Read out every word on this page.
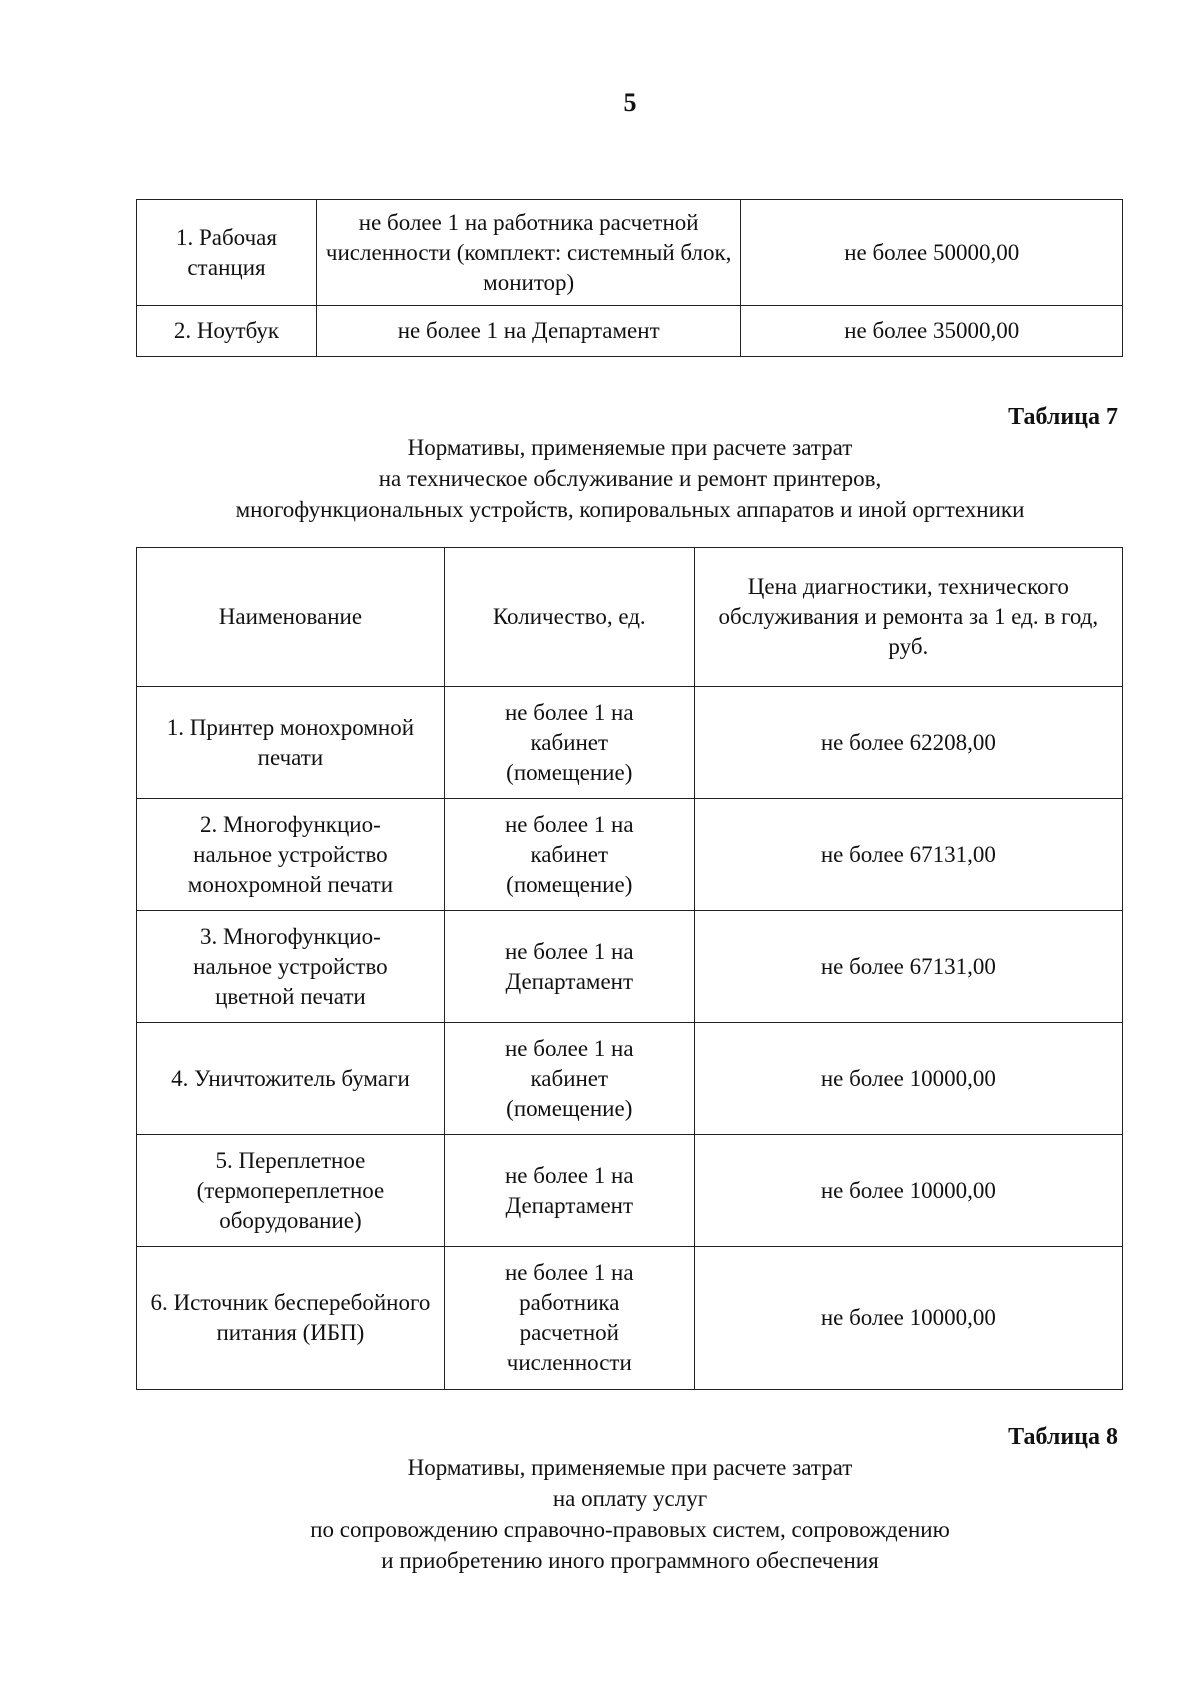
5
1. Рабочая станция	не более 1 на работника расчетной численности (комплект: системный блок, монитор)	не более 50000,00
2. Ноутбук	не более 1 на Департамент	не более 35000,00
Таблица 7
Нормативы, применяемые при расчете затрат
на техническое обслуживание и ремонт принтеров,
многофункциональных устройств, копировальных аппаратов и иной оргтехники
Наименование	Количество, ед.	Цена диагностики, технического обслуживания и ремонта за 1 ед. в год, руб.
1. Принтер монохромной печати	не более 1 на кабинет (помещение)	не более 62208,00
2. Многофункцио-нальное устройство монохромной печати	не более 1 на кабинет (помещение)	не более 67131,00
3. Многофункцио-нальное устройство цветной печати	не более 1 на Департамент	не более 67131,00
4. Уничтожитель бумаги	не более 1 на кабинет (помещение)	не более 10000,00
5. Переплетное (термопереплетное оборудование)	не более 1 на Департамент	не более 10000,00
6. Источник бесперебойного питания (ИБП)	не более 1 на работника расчетной численности	не более 10000,00
Таблица 8
Нормативы, применяемые при расчете затрат
на оплату услуг
по сопровождению справочно-правовых систем, сопровождению
и приобретению иного программного обеспечения
